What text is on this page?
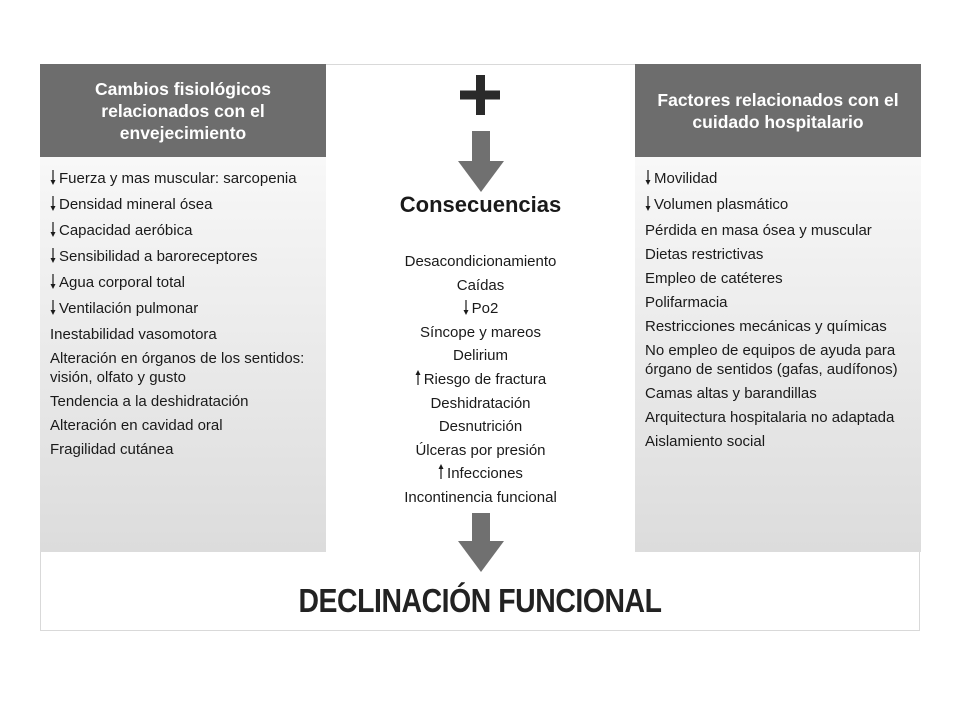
Cambios fisiológicos relacionados con el envejecimiento
Fuerza y mas muscular: sarcopenia
Densidad mineral ósea
Capacidad aeróbica
Sensibilidad a baroreceptores
Agua corporal total
Ventilación pulmonar
Inestabilidad vasomotora
Alteración en órganos de los sentidos: visión, olfato y gusto
Tendencia a la deshidratación
Alteración en cavidad oral
Fragilidad cutánea
Factores relacionados con el cuidado hospitalario
Movilidad
Volumen plasmático
Pérdida en masa ósea y muscular
Dietas restrictivas
Empleo de catéteres
Polifarmacia
Restricciones mecánicas y químicas
No empleo de equipos de ayuda para órgano de sentidos (gafas, audífonos)
Camas altas y barandillas
Arquitectura hospitalaria no adaptada
Aislamiento social
Consecuencias
Desacondicionamiento
Caídas
Po2
Síncope y mareos
Delirium
Riesgo de fractura
Deshidratación
Desnutrición
Úlceras por presión
Infecciones
Incontinencia funcional
DECLINACIÓN FUNCIONAL
